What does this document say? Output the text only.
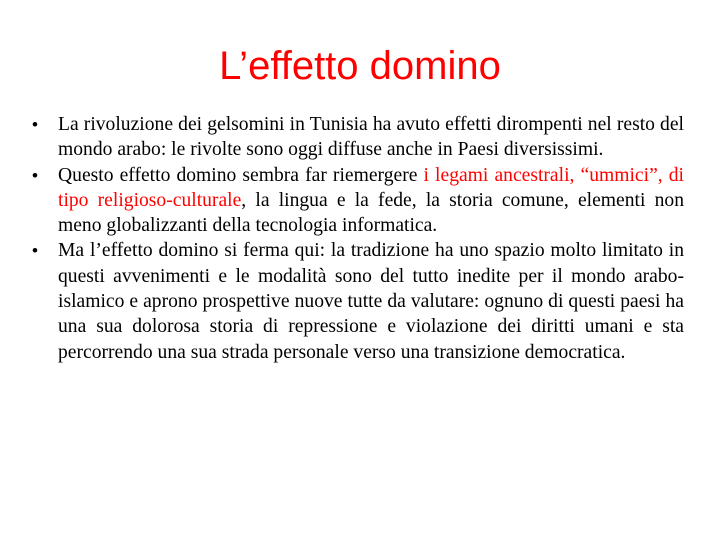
L’effetto domino
• La rivoluzione dei gelsomini in Tunisia ha avuto effetti dirompenti nel resto del mondo arabo: le rivolte sono oggi diffuse anche in Paesi diversissimi.
• Questo effetto domino sembra far riemergere i legami ancestrali, “ummici”, di tipo religioso-culturale, la lingua e la fede, la storia comune, elementi non meno globalizzanti della tecnologia informatica.
• Ma l’effetto domino si ferma qui: la tradizione ha uno spazio molto limitato in questi avvenimenti e le modalità sono del tutto inedite per il mondo arabo-islamico e aprono prospettive nuove tutte da valutare: ognuno di questi paesi ha una sua dolorosa storia di repressione e violazione dei diritti umani e sta percorrendo una sua strada personale verso una transizione democratica.
